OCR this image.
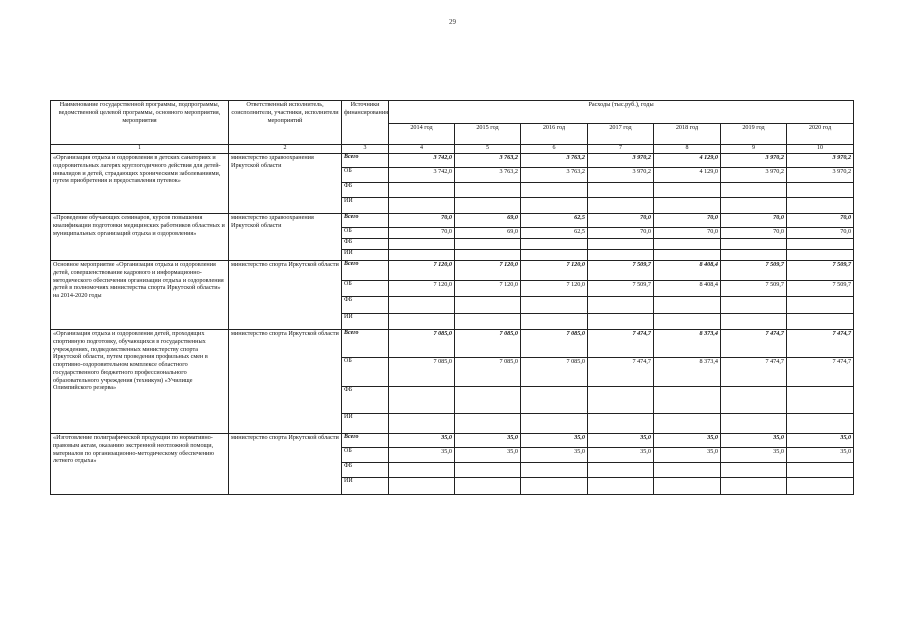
29
Наименование государственной программы, подпрограммы, ведомственной целевой программы, основного мероприятия, мероприятия	Ответственный исполнитель, соисполнители, участники, исполнители мероприятий	Источники финансирования	Расходы (тыс.руб.), годы						
			2014 год	2015 год	2016 год	2017 год	2018 год	2019 год	2020 год
1	2	3	4	5	6	7	8	9	10
«Организация отдыха и оздоровления в детских санаториях и оздоровительных лагерях круглогодичного действия для детей-инвалидов и детей, страдающих хроническими заболеваниями, путем приобретения и предоставления путевок»	министерство здравоохранения Иркутской области	Всего	3 742,0	3 763,2	3 763,2	3 970,2	4 129,0	3 970,2	3 970,2
		ОБ	3 742,0	3 763,2	3 763,2	3 970,2	4 129,0	3 970,2	3 970,2
		ФБ							
		ИИ							
«Проведение обучающих семинаров, курсов повышения квалификации подготовки медицинских работников областных и муниципальных организаций отдыха и оздоровления»	министерство здравоохранения Иркутской области	Всего	70,0	69,0	62,5	70,0	70,0	70,0	70,0
		ОБ	70,0	69,0	62,5	70,0	70,0	70,0	70,0
		ФБ							
		ИИ							
Основное мероприятие «Организация отдыха и оздоровления детей, совершенствование кадрового и информационно-методического обеспечения организации отдыха и оздоровления детей в полномочиях министерства спорта Иркутской области» на 2014-2020 годы	министерство спорта Иркутской области	Всего	7 120,0	7 120,0	7 120,0	7 509,7	8 408,4	7 509,7	7 509,7
		ОБ	7 120,0	7 120,0	7 120,0	7 509,7	8 408,4	7 509,7	7 509,7
		ФБ							
		ИИ							
«Организация отдыха и оздоровления детей, проходящих спортивную подготовку, обучающихся в государственных учреждениях, подведомственных министерству спорта Иркутской области, путем проведения профильных смен в спортивно-оздоровительном комплексе областного государственного бюджетного профессионального образовательного учреждения (техникум) «Училище Олимпийского резерва»	министерство спорта Иркутской области	Всего	7 085,0	7 085,0	7 085,0	7 474,7	8 373,4	7 474,7	7 474,7
		ОБ	7 085,0	7 085,0	7 085,0	7 474,7	8 373,4	7 474,7	7 474,7
		ФБ							
		ИИ							
«Изготовление полиграфической продукции по нормативно-правовым актам, оказанию экстренной неотложной помощи, материалов по организационно-методическому обеспечению летнего отдыха»	министерство спорта Иркутской области	Всего	35,0	35,0	35,0	35,0	35,0	35,0	35,0
		ОБ	35,0	35,0	35,0	35,0	35,0	35,0	35,0
		ФБ							
		ИИ							
